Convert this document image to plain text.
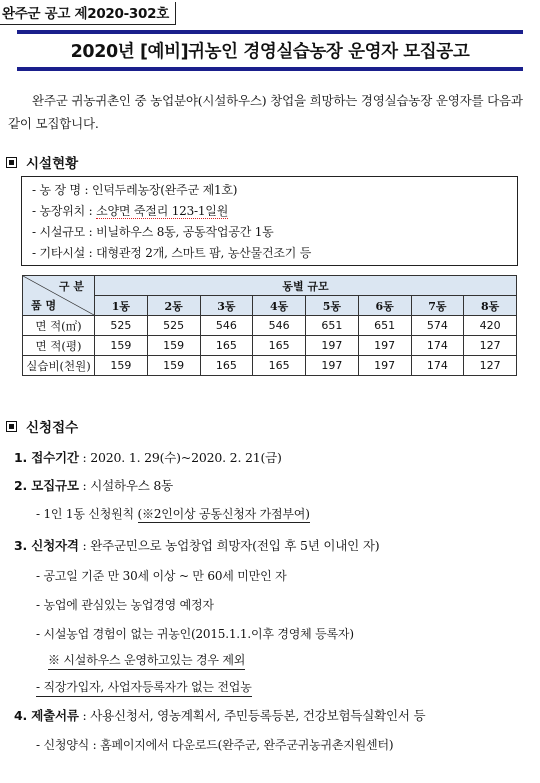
완주군 공고 제2020-302호
2020년 [예비]귀농인 경영실습농장 운영자 모집공고
완주군 귀농귀촌인 중 농업분야(시설하우스) 창업을 희망하는 경영실습농장 운영자를 다음과 같이 모집합니다.
시설현황
- 농 장 명 : 인덕두레농장(완주군 제1호)
- 농장위치 : 소양면 죽절리 123-1일원
- 시설규모 : 비닐하우스 8동, 공동작업공간 1동
- 기타시설 : 대형관정 2개, 스마트 팜, 농산물건조기 등
구 분
품 명	동별 규모							
	1동	2동	3동	4동	5동	6동	7동	8동
면 적(㎡)	525	525	546	546	651	651	574	420
면 적(평)	159	159	165	165	197	197	174	127
실습비(천원)	159	159	165	165	197	197	174	127
신청접수
1. 접수기간 : 2020. 1. 29(수)~2020. 2. 21(금)
2. 모집규모 : 시설하우스 8동
- 1인 1동 신청원칙 (※2인이상 공동신청자 가점부여)
3. 신청자격 : 완주군민으로 농업창업 희망자(전입 후 5년 이내인 자)
- 공고일 기준 만 30세 이상 ~ 만 60세 미만인 자
- 농업에 관심있는 농업경영 예정자
- 시설농업 경험이 없는 귀농인(2015.1.1.이후 경영체 등록자)
※ 시설하우스 운영하고있는 경우 제외
- 직장가입자, 사업자등록자가 없는 전업농
4. 제출서류 : 사용신청서, 영농계획서, 주민등록등본, 건강보험득실확인서 등
- 신청양식 : 홈페이지에서 다운로드(완주군, 완주군귀농귀촌지원센터)
